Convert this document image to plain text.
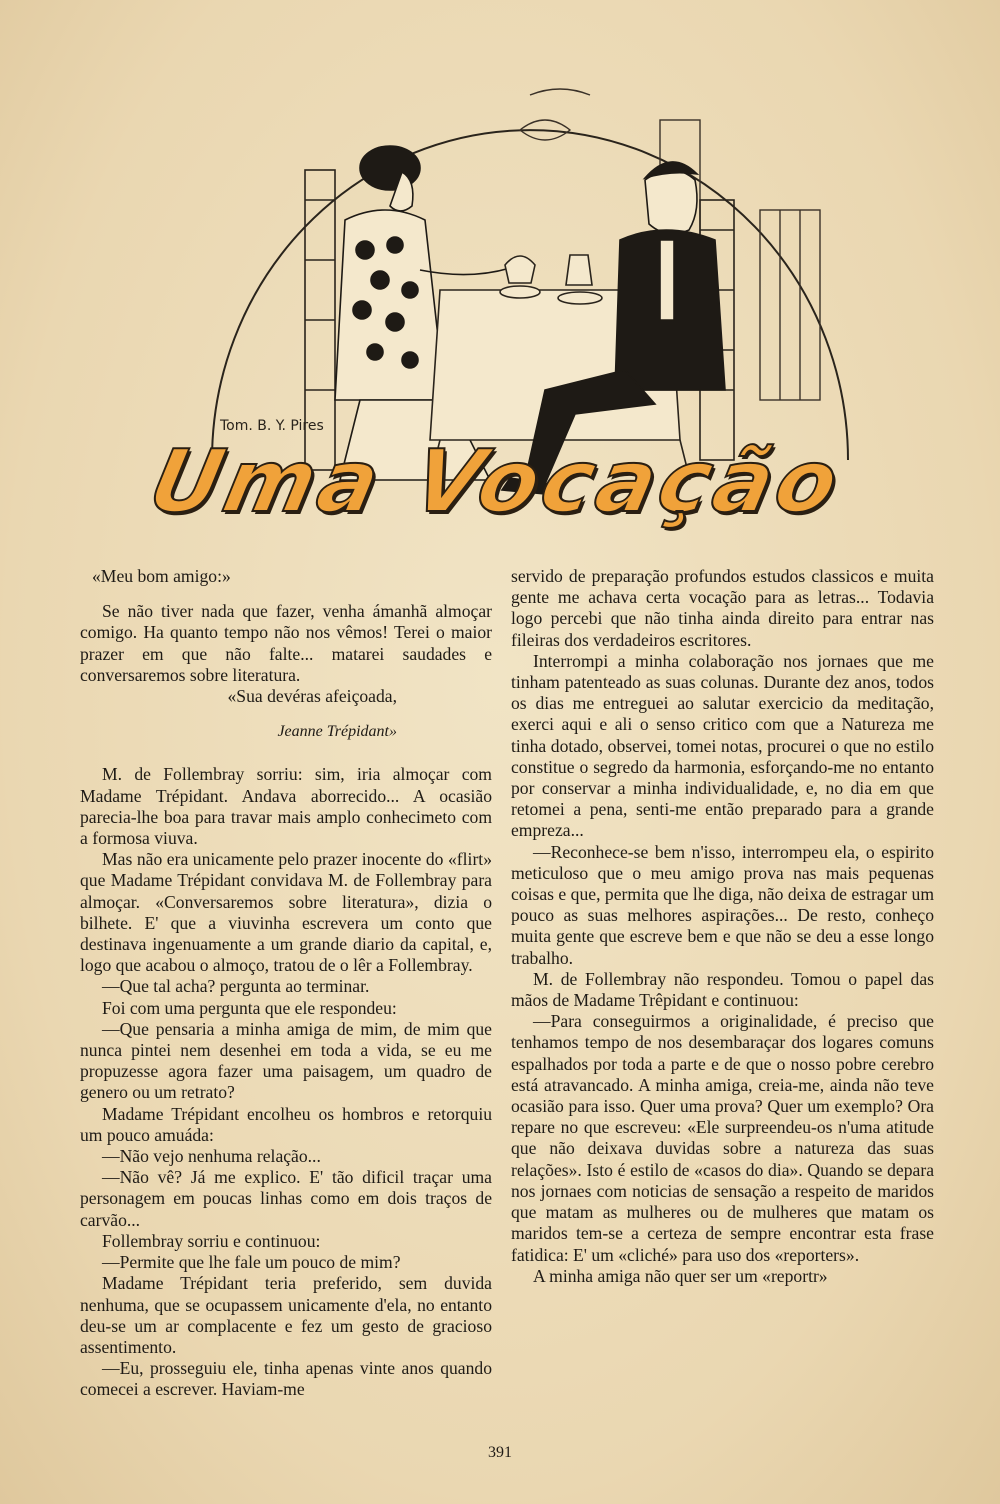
Tom. B. Y. Pires
Uma Vocação

«Meu bom amigo:»

Se não tiver nada que fazer, venha ámanhã almoçar comigo. Ha quanto tempo não nos vêmos! Terei o maior prazer em que não falte... matarei saudades e conversaremos sobre literatura.

«Sua devéras afeiçoada,

Jeanne Trépidant»

M. de Follembray sorriu: sim, iria almoçar com Madame Trépidant. Andava aborrecido... A ocasião parecia-lhe boa para travar mais amplo conhecimeto com a formosa viuva.

Mas não era unicamente pelo prazer inocente do «flirt» que Madame Trépidant convidava M. de Follembray para almoçar. «Conversaremos sobre literatura», dizia o bilhete. E' que a viuvinha escrevera um conto que destinava ingenuamente a um grande diario da capital, e, logo que acabou o almoço, tratou de o lêr a Follembray.

—Que tal acha? pergunta ao terminar.

Foi com uma pergunta que ele respondeu:

—Que pensaria a minha amiga de mim, de mim que nunca pintei nem desenhei em toda a vida, se eu me propuzesse agora fazer uma paisagem, um quadro de genero ou um retrato?

Madame Trépidant encolheu os hombros e retorquiu um pouco amuáda:

—Não vejo nenhuma relação...

—Não vê? Já me explico. E' tão dificil traçar uma personagem em poucas linhas como em dois traços de carvão...

Follembray sorriu e continuou:

—Permite que lhe fale um pouco de mim?

Madame Trépidant teria preferido, sem duvida nenhuma, que se ocupassem unicamente d'ela, no entanto deu-se um ar complacente e fez um gesto de gracioso assentimento.

—Eu, prosseguiu ele, tinha apenas vinte anos quando comecei a escrever. Haviam-me

servido de preparação profundos estudos classicos e muita gente me achava certa vocação para as letras... Todavia logo percebi que não tinha ainda direito para entrar nas fileiras dos verdadeiros escritores.

Interrompi a minha colaboração nos jornaes que me tinham patenteado as suas colunas. Durante dez anos, todos os dias me entreguei ao salutar exercicio da meditação, exerci aqui e ali o senso critico com que a Natureza me tinha dotado, observei, tomei notas, procurei o que no estilo constitue o segredo da harmonia, esforçando-me no entanto por conservar a minha individualidade, e, no dia em que retomei a pena, senti-me então preparado para a grande empreza...

—Reconhece-se bem n'isso, interrompeu ela, o espirito meticuloso que o meu amigo prova nas mais pequenas coisas e que, permita que lhe diga, não deixa de estragar um pouco as suas melhores aspirações... De resto, conheço muita gente que escreve bem e que não se deu a esse longo trabalho.

M. de Follembray não respondeu. Tomou o papel das mãos de Madame Trêpidant e continuou:

—Para conseguirmos a originalidade, é preciso que tenhamos tempo de nos desembaraçar dos logares comuns espalhados por toda a parte e de que o nosso pobre cerebro está atravancado. A minha amiga, creia-me, ainda não teve ocasião para isso. Quer uma prova? Quer um exemplo? Ora repare no que escreveu: «Ele surpreendeu-os n'uma atitude que não deixava duvidas sobre a natureza das suas relações». Isto é estilo de «casos do dia». Quando se depara nos jornaes com noticias de sensação a respeito de maridos que matam as mulheres ou de mulheres que matam os maridos tem-se a certeza de sempre encontrar esta frase fatidica: E' um «cliché» para uso dos «reporters».

A minha amiga não quer ser um «reportr»

391
